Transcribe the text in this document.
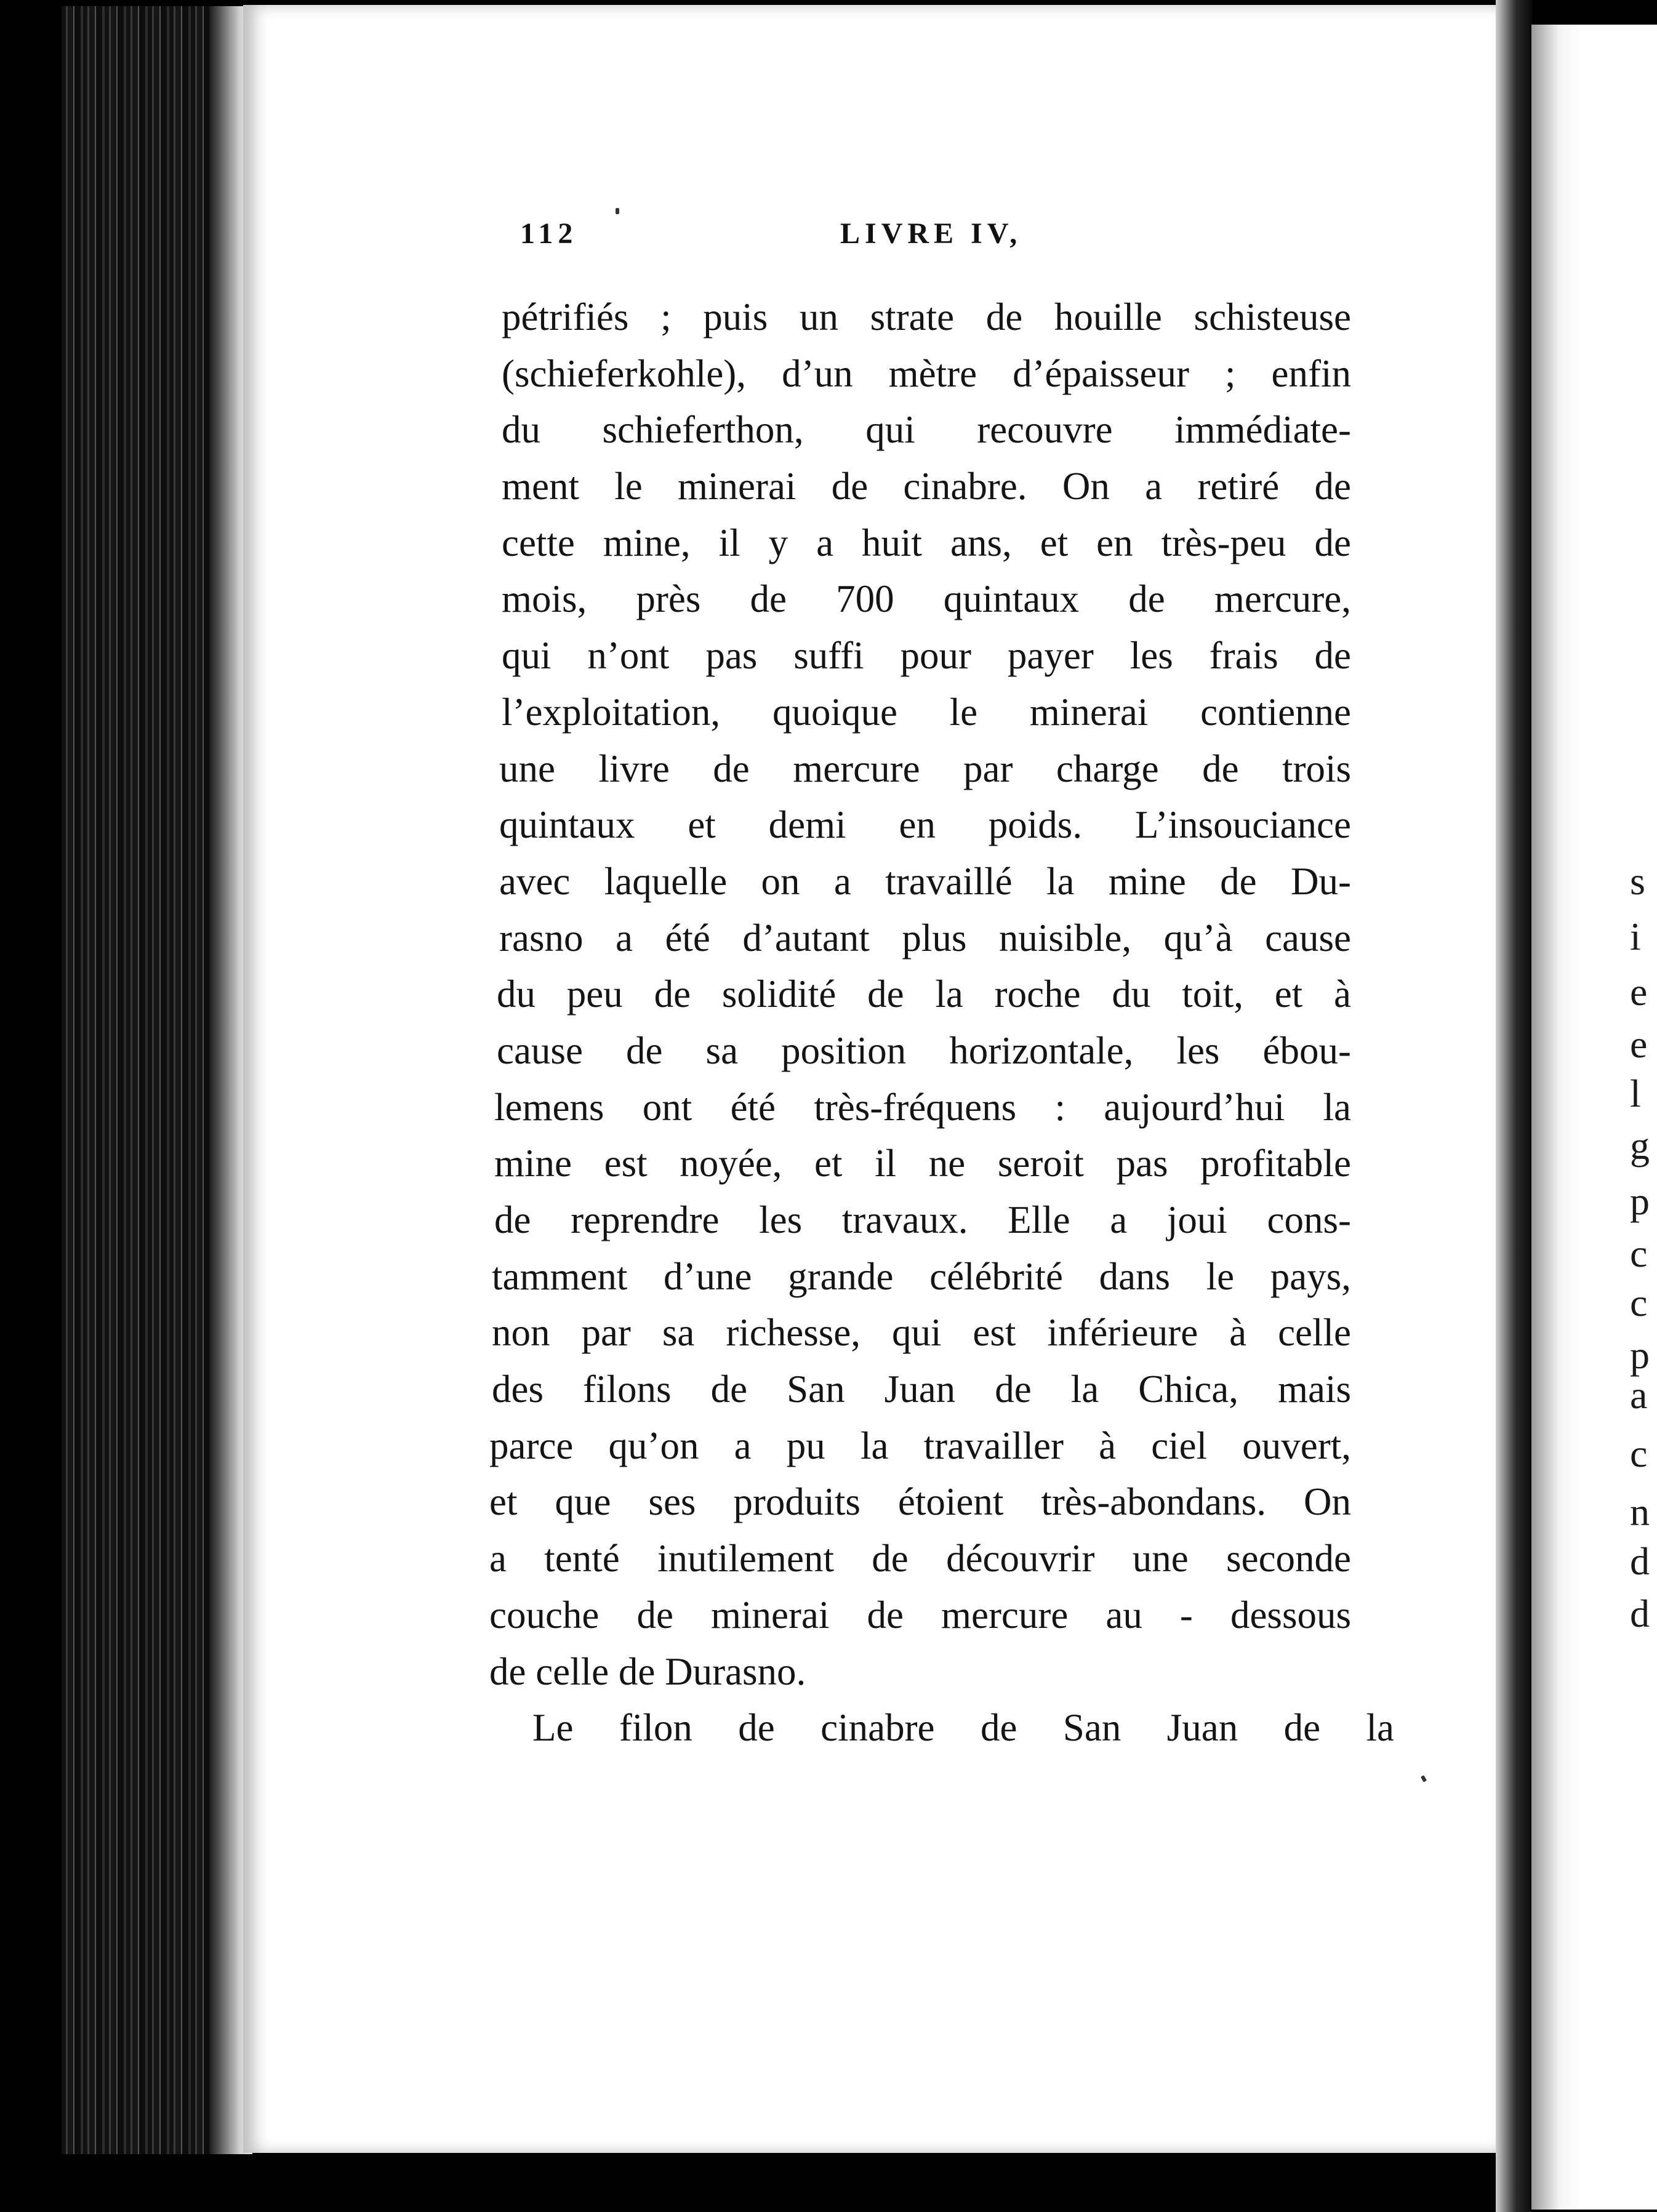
s
i
e
e
l
g
p
c
c
p
a
c
n
d
d
112	LIVRE IV,
pétrifiés ; puis un strate de houille schisteuse
(schieferkohle), d’un mètre d’épaisseur ; enfin
du schieferthon, qui recouvre immédiate-
ment le minerai de cinabre. On a retiré de
cette mine, il y a huit ans, et en très-peu de
mois, près de 700 quintaux de mercure,
qui n’ont pas suffi pour payer les frais de
l’exploitation, quoique le minerai contienne
une livre de mercure par charge de trois
quintaux et demi en poids. L’insouciance
avec laquelle on a travaillé la mine de Du-
rasno a été d’autant plus nuisible, qu’à cause
du peu de solidité de la roche du toit, et à
cause de sa position horizontale, les ébou-
lemens ont été très-fréquens : aujourd’hui la
mine est noyée, et il ne seroit pas profitable
de reprendre les travaux. Elle a joui cons-
tamment d’une grande célébrité dans le pays,
non par sa richesse, qui est inférieure à celle
des filons de San Juan de la Chica, mais
parce qu’on a pu la travailler à ciel ouvert,
et que ses produits étoient très-abondans. On
a tenté inutilement de découvrir une seconde
couche de minerai de mercure au - dessous
de celle de Durasno.
Le filon de cinabre de San Juan de la
